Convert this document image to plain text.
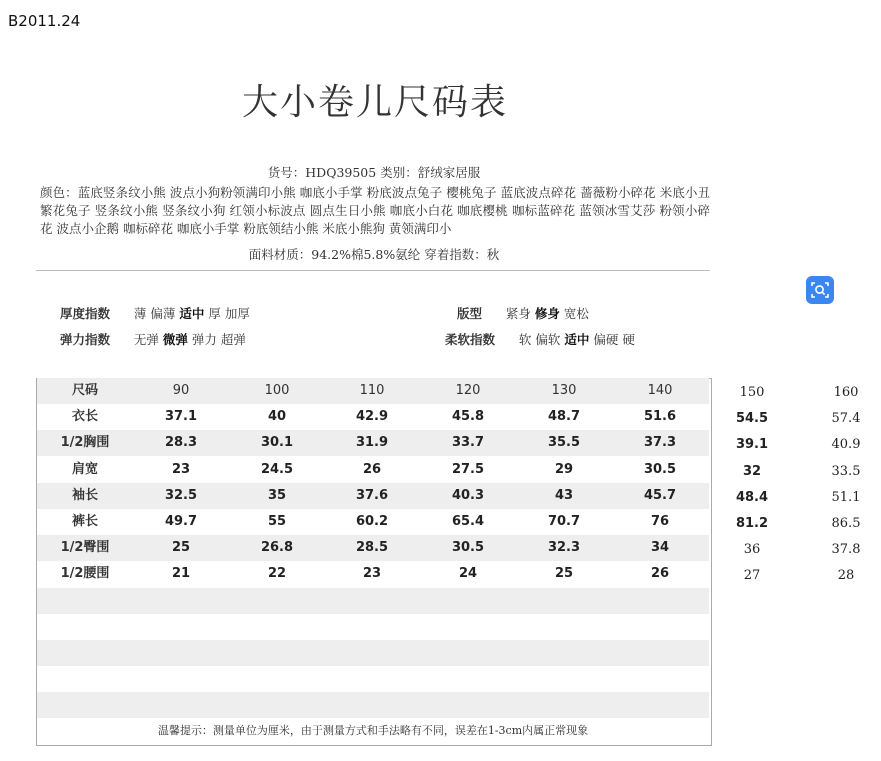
B2011.24
大小卷儿尺码表
货号：HDQ39505 类别：舒绒家居服
颜色：蓝底竖条纹小熊 波点小狗粉领满印小熊 咖底小手掌 粉底波点兔子 樱桃兔子 蓝底波点碎花 蔷薇粉小碎花 米底小丑 繁花兔子 竖条纹小熊 竖条纹小狗 红领小标波点 圆点生日小熊 咖底小白花 咖底樱桃 咖标蓝碎花 蓝领冰雪艾莎 粉领小碎花 波点小企鹅 咖标碎花 咖底小手掌 粉底领结小熊 米底小熊狗 黄领满印小
面料材质：94.2%棉5.8%氨纶 穿着指数：秋
厚度指数 薄 偏薄 适中 厚 加厚
弹力指数 无弹 微弹 弹力 超弹
版型 紧身 修身 宽松
柔软指数 软 偏软 适中 偏硬 硬
尺码	90	100	110	120	130	140	150	160
衣长	37.1	40	42.9	45.8	48.7	51.6	54.5	57.4
1/2胸围	28.3	30.1	31.9	33.7	35.5	37.3	39.1	40.9
肩宽	23	24.5	26	27.5	29	30.5	32	33.5
袖长	32.5	35	37.6	40.3	43	45.7	48.4	51.1
裤长	49.7	55	60.2	65.4	70.7	76	81.2	86.5
1/2臀围	25	26.8	28.5	30.5	32.3	34	36	37.8
1/2腰围	21	22	23	24	25	26	27	28
温馨提示：测量单位为厘米，由于测量方式和手法略有不同，误差在1-3cm内属正常现象
